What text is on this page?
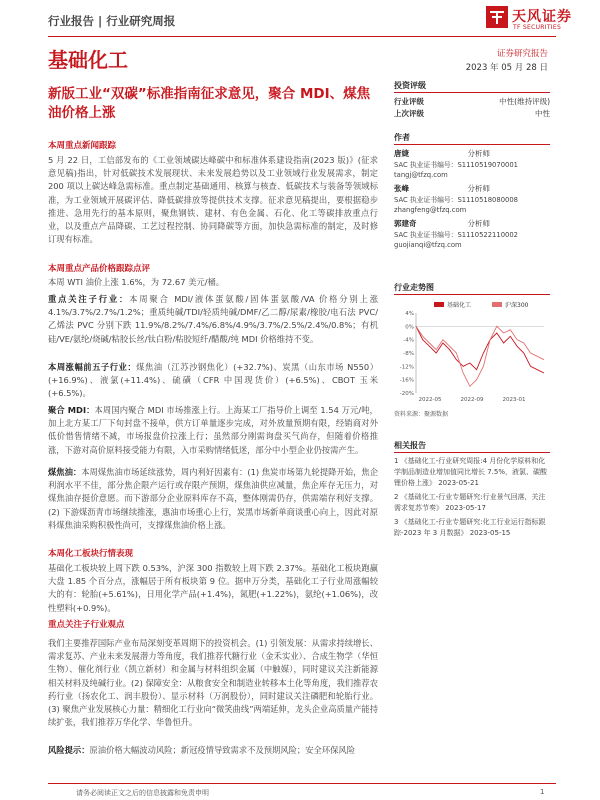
行业报告 | 行业研究周报	天风证券
TF SECURITIES
基础化工	证券研究报告
2023 年 05 月 28 日
新版工业“双碳”标准指南征求意见，聚合 MDI、煤焦油价格上涨
本周重点新闻跟踪
5 月 22 日，工信部发布的《工业领域碳达峰碳中和标准体系建设指南(2023 版)》(征求意见稿)指出，针对低碳技术发展现状、未来发展趋势以及工业领域行业发展需求，制定 200 项以上碳达峰急需标准。重点制定基础通用、核算与核查、低碳技术与装备等领域标准，为工业领域开展碳评估、降低碳排放等提供技术支撑。征求意见稿提出，要根据稳步推进、急用先行的基本原则，聚焦钢铁、建材、有色金属、石化、化工等碳排放重点行业，以及重点产品降碳、工艺过程控制、协同降碳等方面，加快急需标准的制定，及时修订现有标准。
本周重点产品价格跟踪点评
本周 WTI 油价上涨 1.6%，为 72.67 美元/桶。
重点关注子行业：本周聚合 MDI/液体蛋氨酸/固体蛋氨酸/VA 价格分别上涨 4.1%/3.7%/2.7%/1.2%；重质纯碱/TDI/轻质纯碱/DMF/乙二醇/尿素/橡胶/电石法 PVC/乙烯法 PVC 分别下跌 11.9%/8.2%/7.4%/6.8%/4.9%/3.7%/2.5%/2.4%/0.8%；有机硅/VE/氨纶/烧碱/粘胶长丝/钛白粉/粘胶短纤/醋酸/纯 MDI 价格维持不变。
本周涨幅前五子行业：煤焦油（江苏沙钢焦化）(+32.7%)、炭黑（山东市场 N550）(+16.9%)、液氯(+11.4%)、硫磺（CFR 中国现货价）(+6.5%)、CBOT 玉米(+6.5%)。
聚合 MDI：本周国内聚合 MDI 市场推涨上行。上海某工厂指导价上调至 1.54 万元/吨，加上北方某工厂下旬封盘不接单，供方订单量逐步完成，对外放量预期有限，经销商对外低价惜售情绪不减，市场报盘价拉涨上行；虽然部分刚需询盘买气尚存，但随着价格推涨，下游对高价原料接受能力有限，入市采购情绪低迷，部分中小型企业仍按需产生。
煤焦油：本周煤焦油市场延续涨势，周内利好因素有：(1) 焦炭市场第九轮提降开始，焦企利润水平不佳，部分焦企限产运行或存限产预期，煤焦油供应减量，焦企库存无压力，对煤焦油存挺价意愿。而下游部分企业原料库存不高，整体刚需仍存，供需端存利好支撑。(2) 下游煤沥青市场继续推涨，惠油市场重心上行，炭黑市场新单商谈重心向上，因此对原料煤焦油采购积极性尚可，支撑煤焦油价格上涨。
本周化工板块行情表现
基础化工板块较上周下跌 0.53%，沪深 300 指数较上周下跌 2.37%。基础化工板块跑赢大盘 1.85 个百分点，涨幅居于所有板块第 9 位。据申万分类，基础化工子行业周涨幅较大的有：轮胎(+5.61%)，日用化学产品(+1.4%)，氮肥(+1.22%)，氨纶(+1.06%)，改性塑料(+0.9%)。
重点关注子行业观点
我们主要推荐国际产业布局深刻变革周期下的投资机会。(1) 引领发展：从需求持续增长、需求复苏、产业未来发展潜力等角度，我们推荐代糖行业（金禾实业）、合成生物学（华恒生物）、催化剂行业（凯立新材）和金属与材料组织金属（中触媒），同时建议关注新能源相关材料及纯碱行业。(2) 保障安全：从粮食安全和制造业转移本土化等角度，我们推荐农药行业（扬农化工、润丰股份）、显示材料（万润股份），同时建议关注磷肥和轮胎行业。(3) 聚焦产业发展核心力量：精细化工行业向“微笑曲线”两端延伸，龙头企业高质量产能持续扩张，我们推荐万华化学、华鲁恒升。
风险提示：原油价格大幅波动风险；新冠疫情导致需求不及预期风险；安全环保风险
投资评级
行业评级	中性(维持评级)
上次评级	中性
作者
唐婕	分析师
SAC 执业证书编号：S1110519070001
tangj@tfzq.com
张峰	分析师
SAC 执业证书编号：S1110518080008
zhangfeng@tfzq.com
郭建奇	分析师
SAC 执业证书编号：S1110522110002
guojianqi@tfzq.com
行业走势图
基础化工	沪深300
4%
0%
-4%
-8%
-12%
-16%
-20%
2022-05	2022-09	2023-01
资料来源：聚源数据
相关报告
1 《基础化工-行业研究周报:4 月份化学原料和化学制品制造业增加值同比增长 7.5%，液氯、碳酸锂价格上涨》 2023-05-21
2 《基础化工-行业专题研究:行业景气回落，关注需求复苏节奏》 2023-05-17
3 《基础化工-行业专题研究:化工行业运行指标跟踪-2023 年 3 月数据》 2023-05-15
请务必阅读正文之后的信息披露和免责申明	1
